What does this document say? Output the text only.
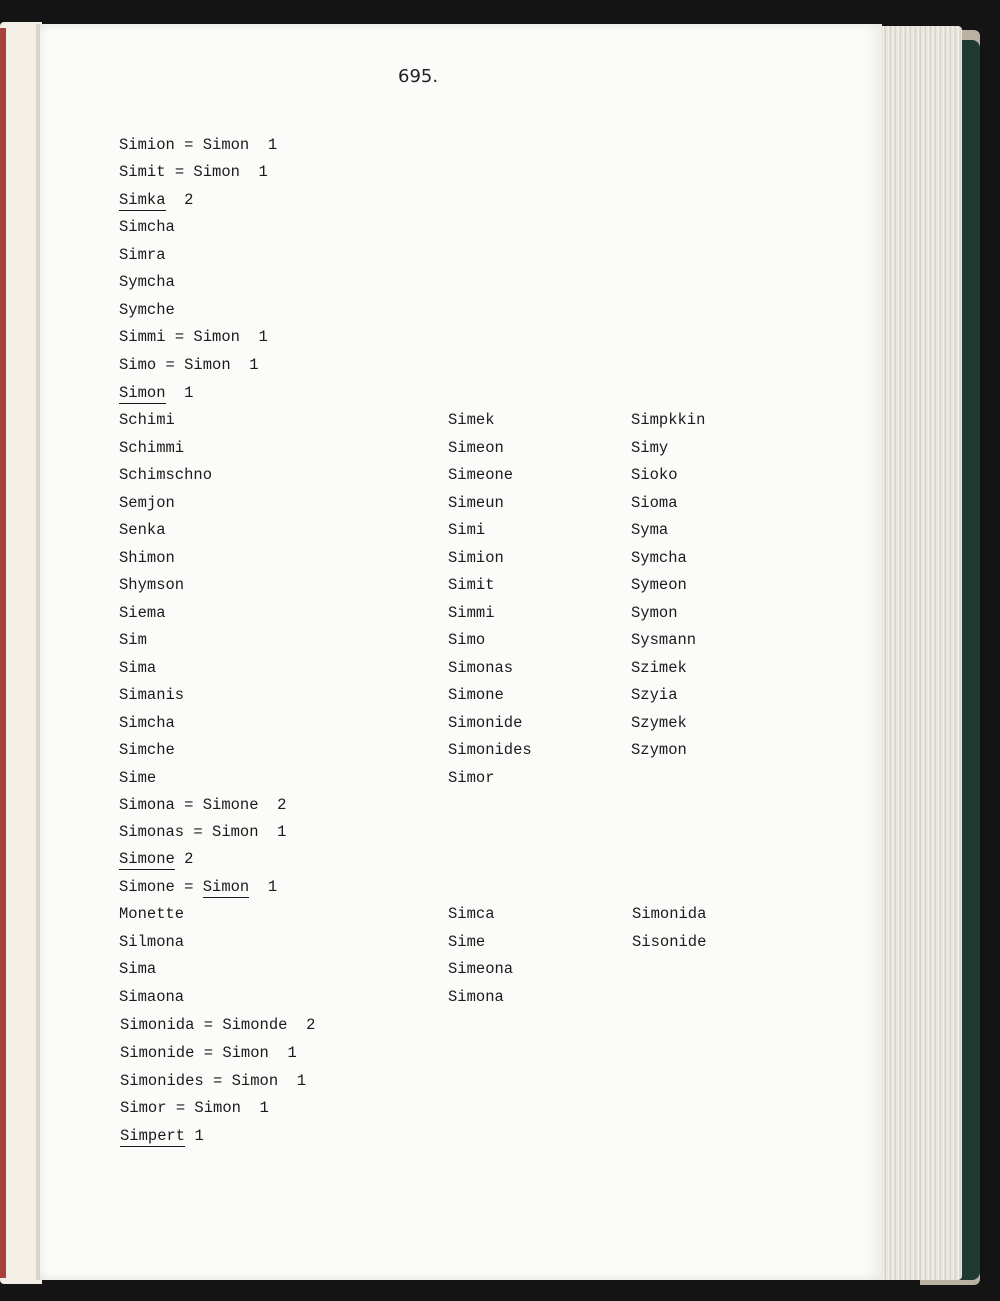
695.
Simion = Simon 1
Simit = Simon 1
Simka 2
Simcha
Simra
Symcha
Symche
Simmi = Simon 1
Simo = Simon 1
Simon 1
Schimi
Schimmi
Schimschno
Semjon
Senka
Shimon
Shymson
Siema
Sim
Sima
Simanis
Simcha
Simche
Sime
Simek
Simeon
Simeone
Simeun
Simi
Simion
Simit
Simmi
Simo
Simonas
Simone
Simonide
Simonides
Simor
Simpkkin
Simy
Sioko
Sioma
Syma
Symcha
Symeon
Symon
Sysmann
Szimek
Szyia
Szymek
Szymon
Simona = Simone 2
Simonas = Simon 1
Simone 2
Simone = Simon 1
Monette
Silmona
Sima
Simaona
Simca
Sime
Simeona
Simona
Simonida
Sisonide
Simonida = Simonde 2
Simonide = Simon 1
Simonides = Simon 1
Simor = Simon 1
Simpert 1
